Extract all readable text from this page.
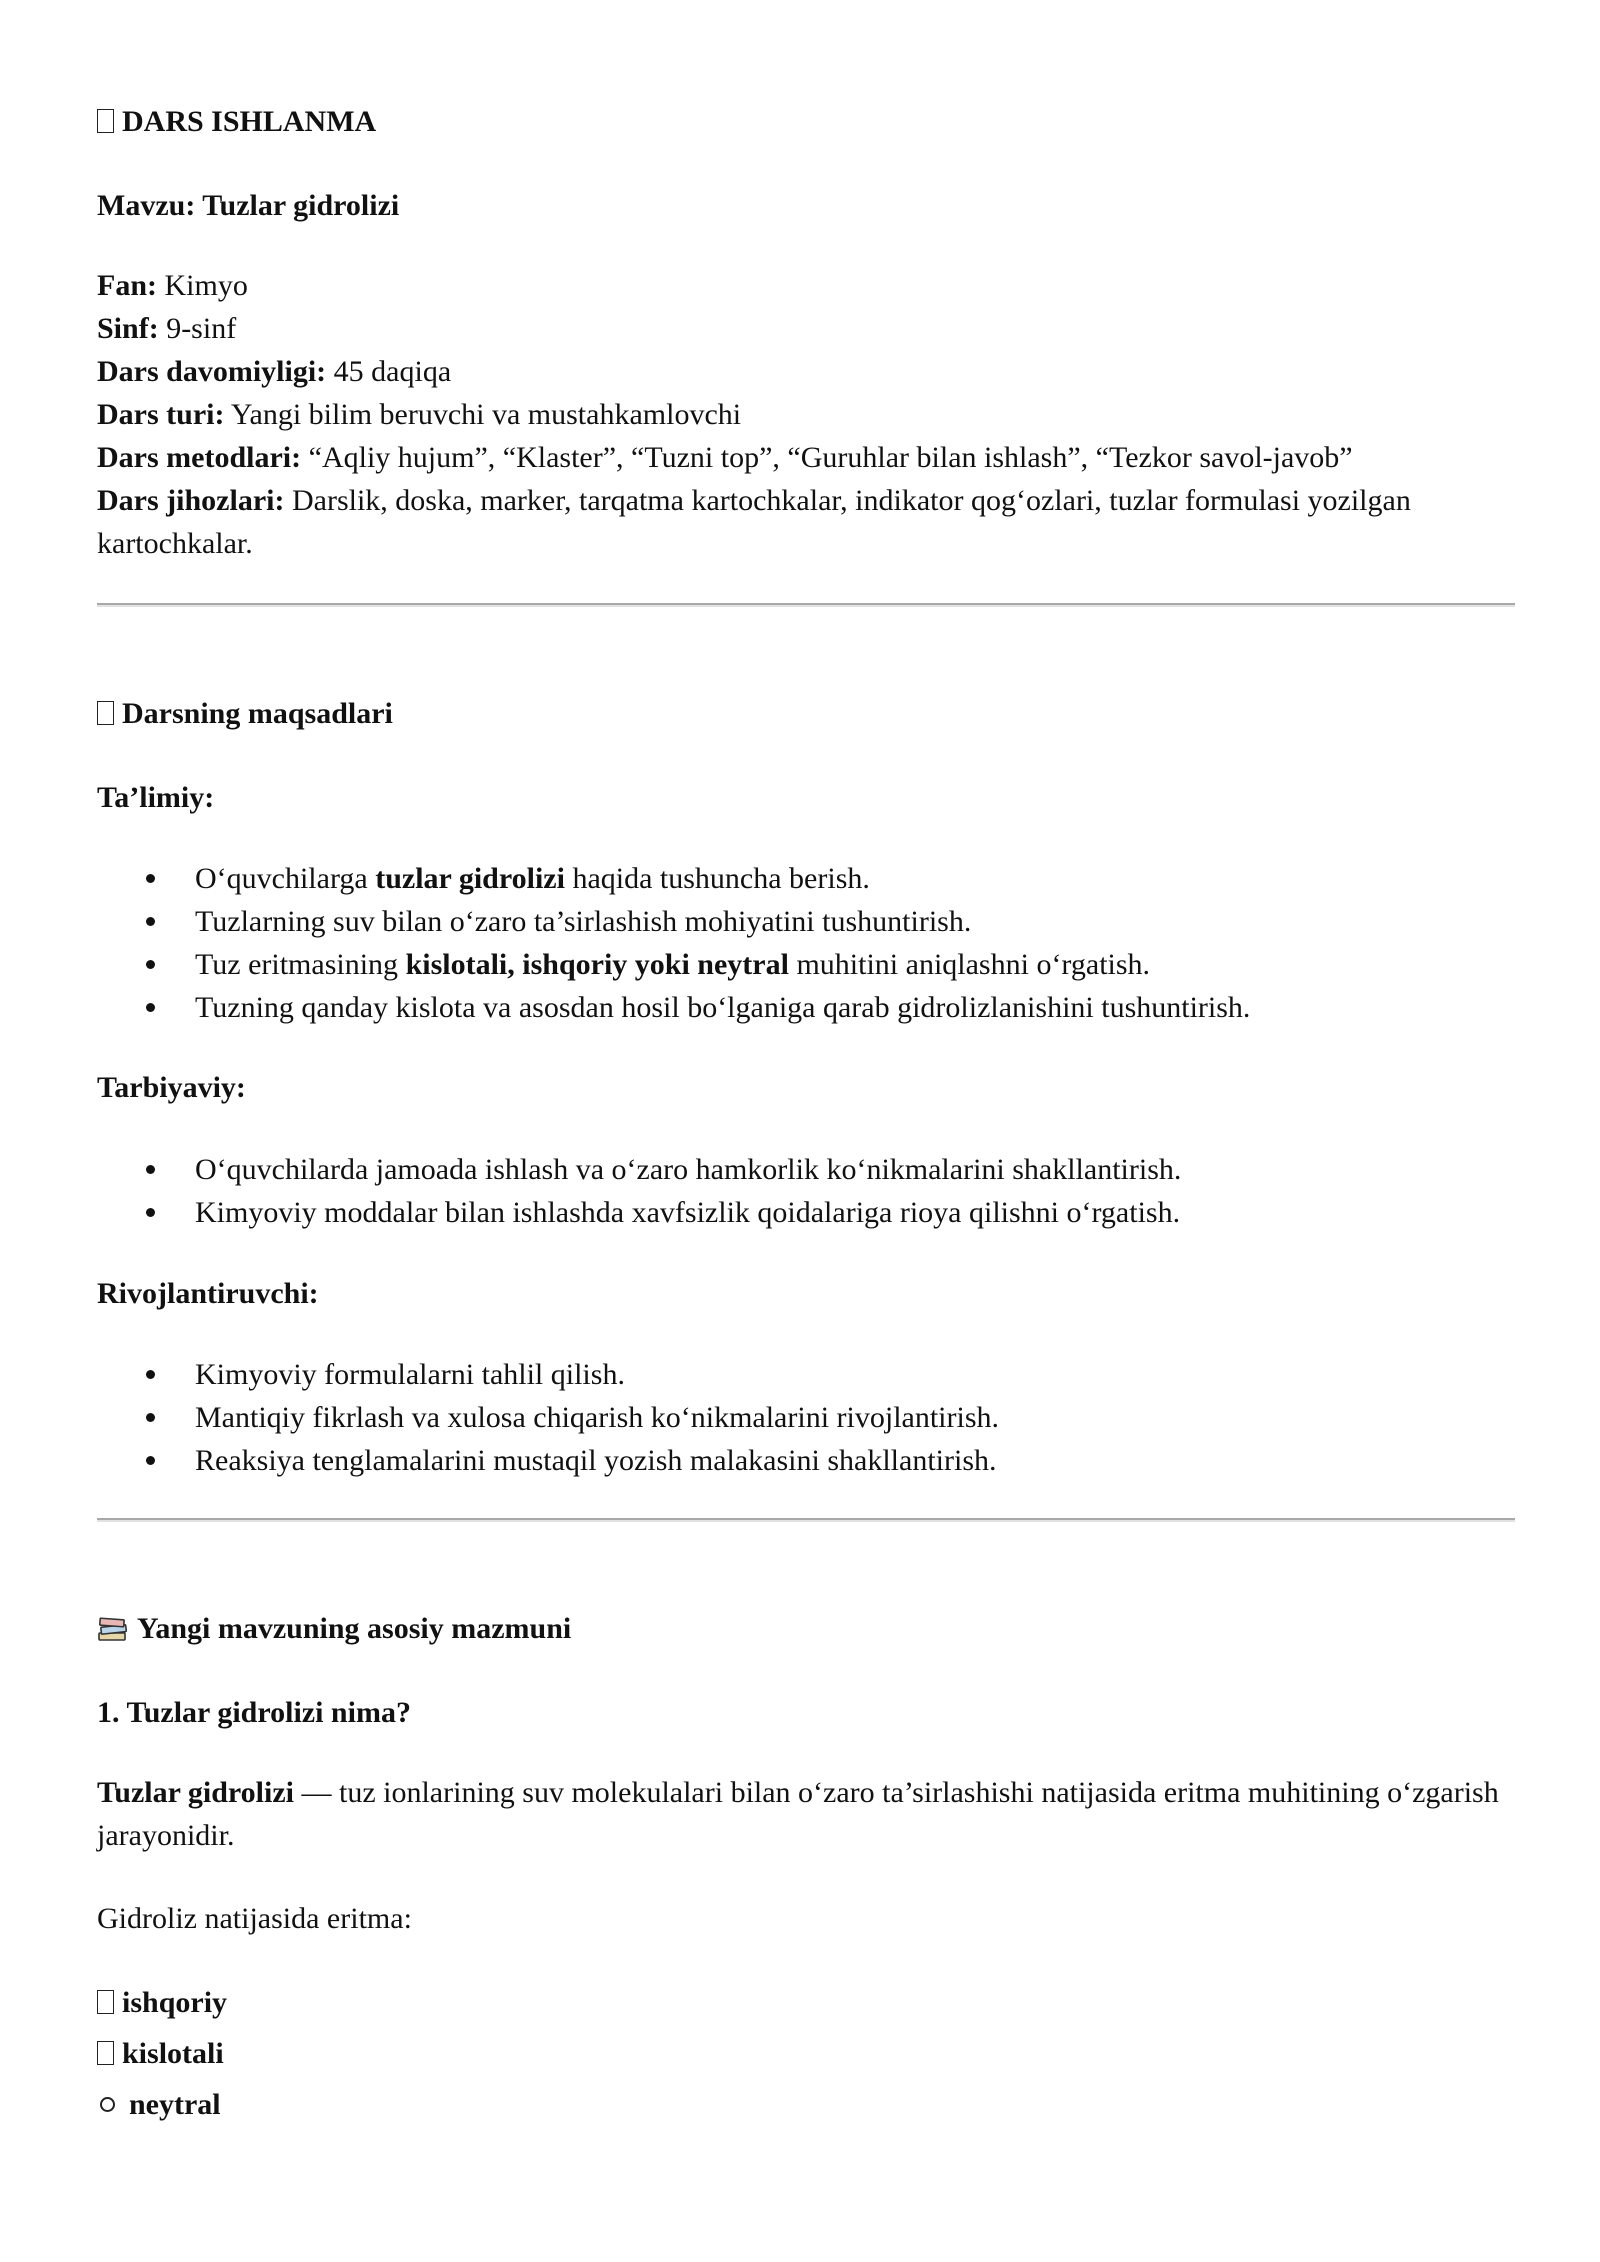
DARS ISHLANMA
Mavzu: Tuzlar gidrolizi
Fan: Kimyo
Sinf: 9-sinf
Dars davomiyligi: 45 daqiqa
Dars turi: Yangi bilim beruvchi va mustahkamlovchi
Dars metodlari: “Aqliy hujum”, “Klaster”, “Tuzni top”, “Guruhlar bilan ishlash”, “Tezkor savol-javob”
Dars jihozlari: Darslik, doska, marker, tarqatma kartochkalar, indikator qog‘ozlari, tuzlar formulasi yozilgan kartochkalar.
Darsning maqsadlari
Ta’limiy:
O‘quvchilarga tuzlar gidrolizi haqida tushuncha berish.
Tuzlarning suv bilan o‘zaro ta’sirlashish mohiyatini tushuntirish.
Tuz eritmasining kislotali, ishqoriy yoki neytral muhitini aniqlashni o‘rgatish.
Tuzning qanday kislota va asosdan hosil bo‘lganiga qarab gidrolizlanishini tushuntirish.
Tarbiyaviy:
O‘quvchilarda jamoada ishlash va o‘zaro hamkorlik ko‘nikmalarini shakllantirish.
Kimyoviy moddalar bilan ishlashda xavfsizlik qoidalariga rioya qilishni o‘rgatish.
Rivojlantiruvchi:
Kimyoviy formulalarni tahlil qilish.
Mantiqiy fikrlash va xulosa chiqarish ko‘nikmalarini rivojlantirish.
Reaksiya tenglamalarini mustaqil yozish malakasini shakllantirish.
Yangi mavzuning asosiy mazmuni
1. Tuzlar gidrolizi nima?
Tuzlar gidrolizi — tuz ionlarining suv molekulalari bilan o‘zaro ta’sirlashishi natijasida eritma muhitining o‘zgarish jarayonidir.
Gidroliz natijasida eritma:
ishqoriy
kislotali
neytral
